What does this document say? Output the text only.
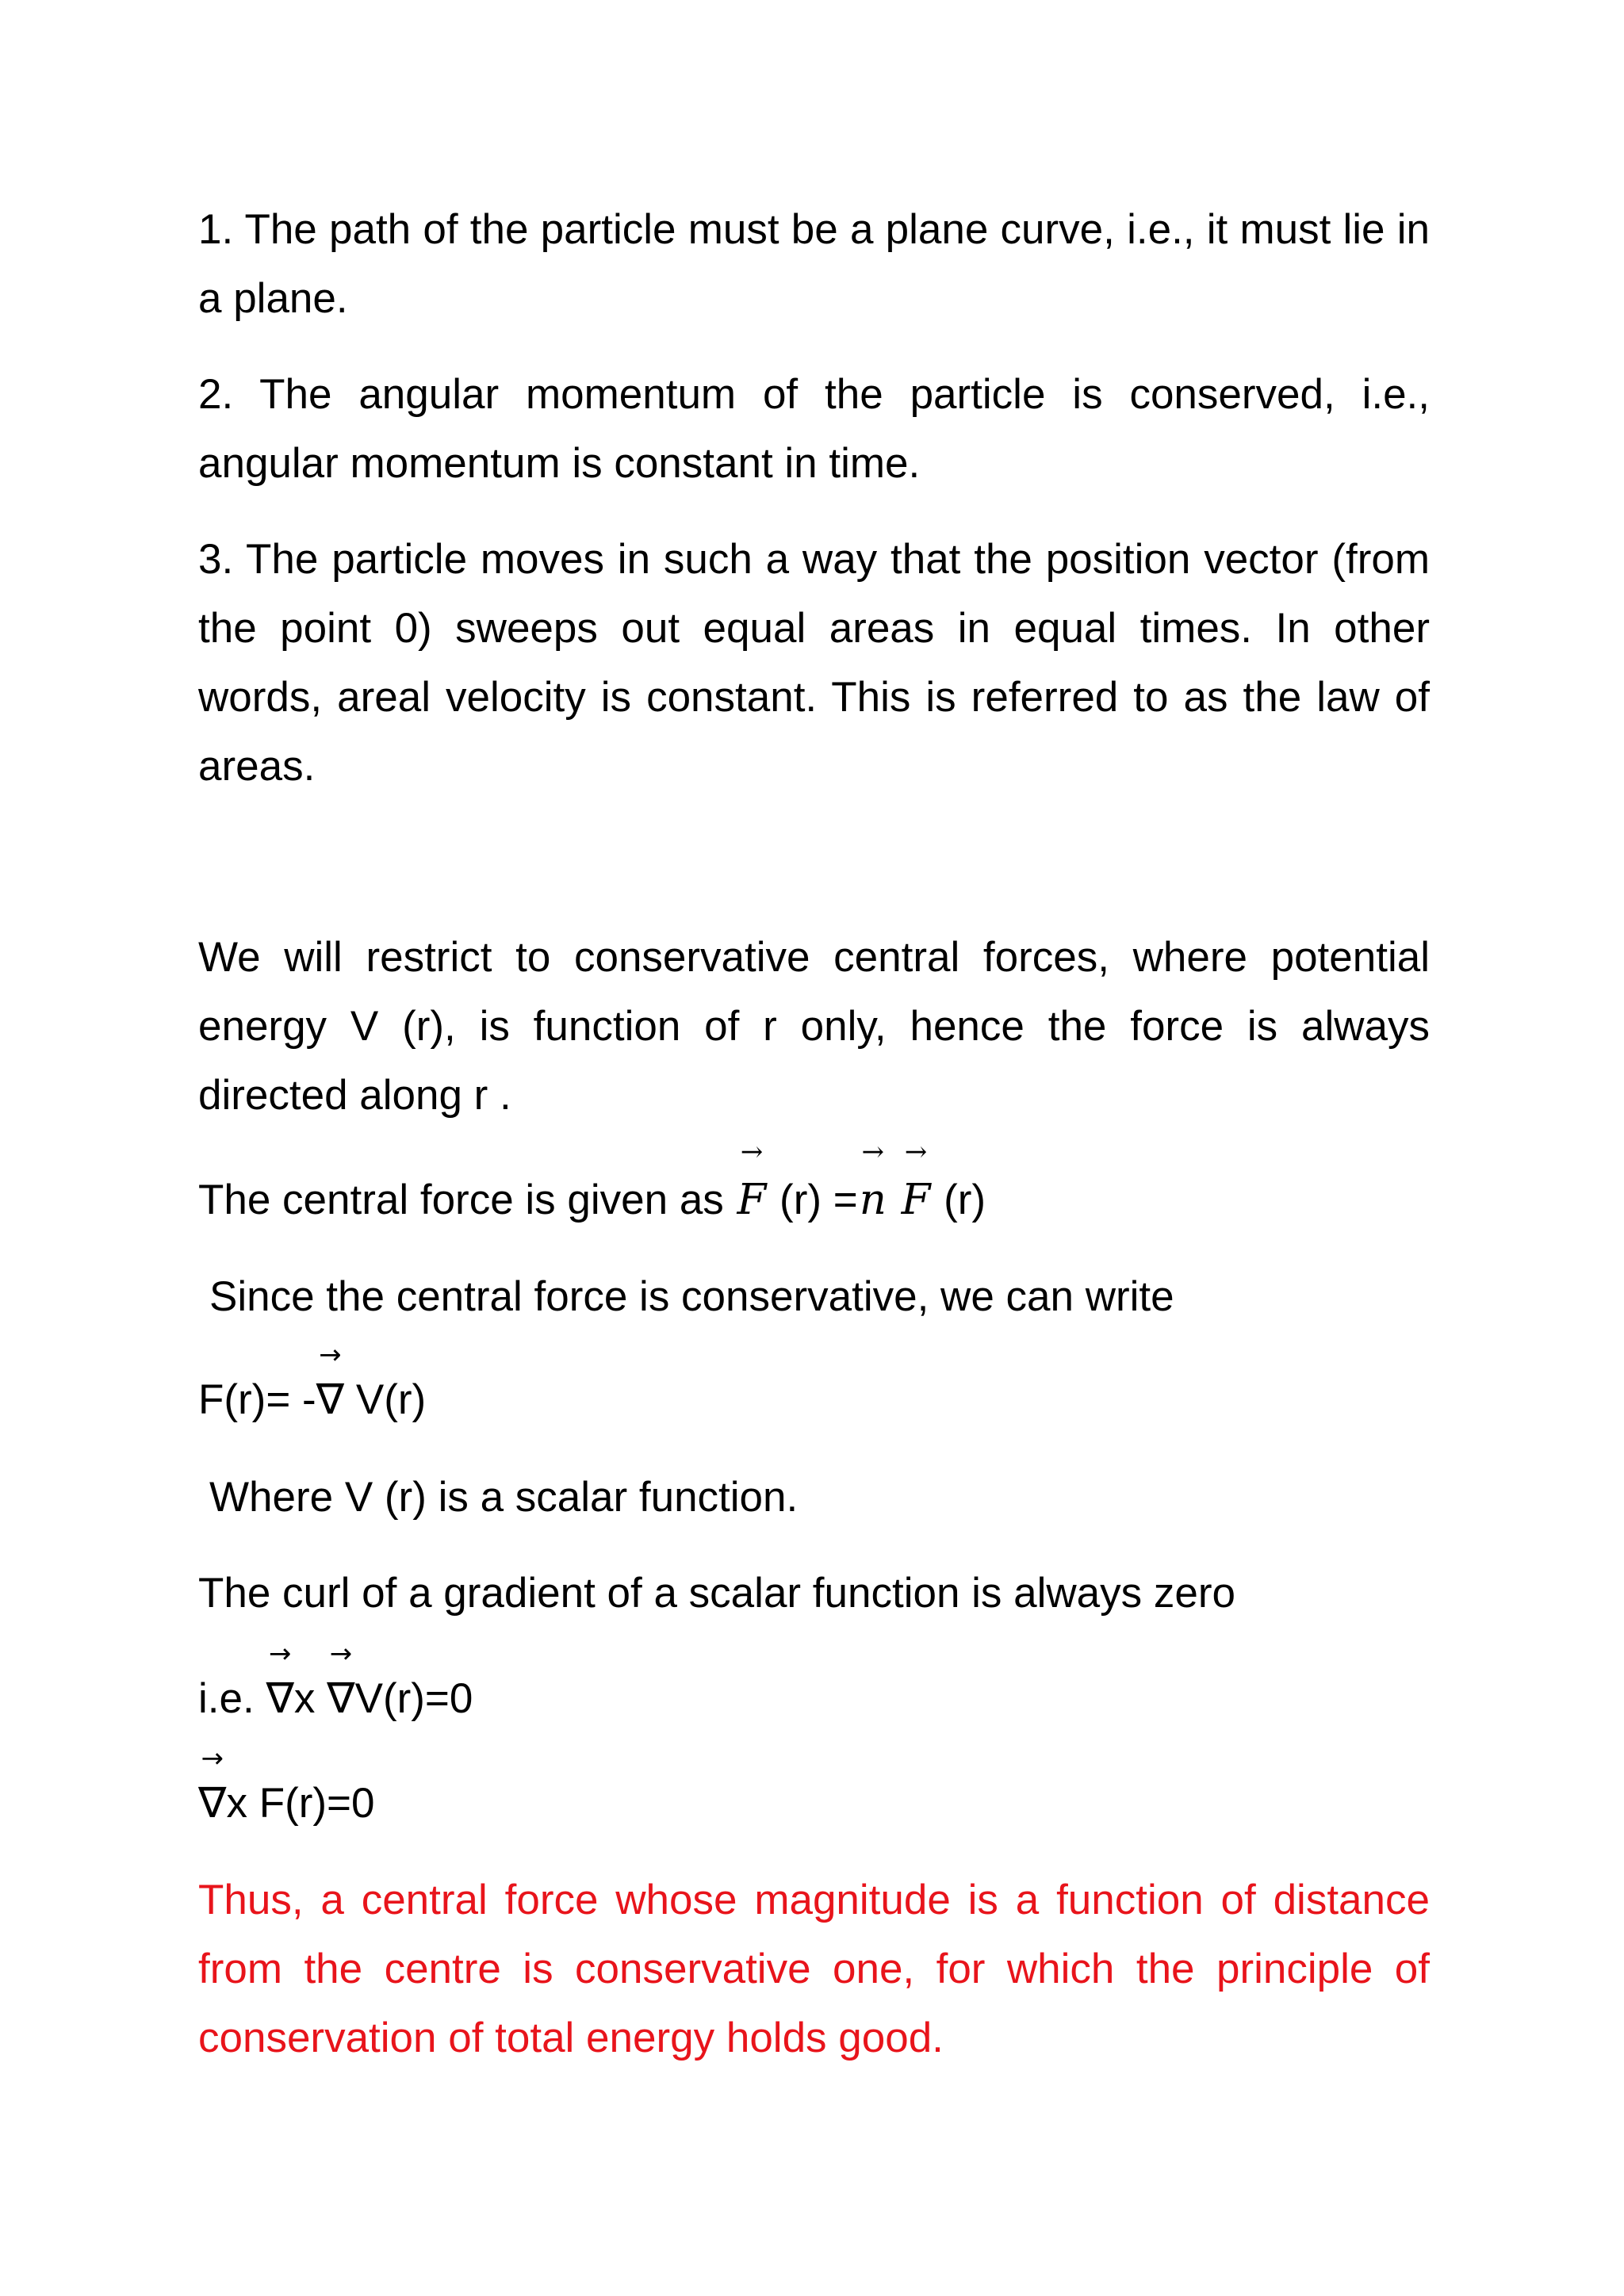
1. The path of the particle must be a plane curve, i.e., it must lie in a plane.

2. The angular momentum of the particle is conserved, i.e., angular momentum is constant in time.

3. The particle moves in such a way that the position vector (from the point 0) sweeps out equal areas in equal times. In other words, areal velocity is constant. This is referred to as the law of areas.

We will restrict to conservative central forces, where potential energy V (r), is function of r only, hence the force is always directed along r .

The central force is given as
→
F (r) =
→
n
→
F (r)

Since the central force is conservative, we can write

F(r)= -
→
∇ V(r)

Where V (r) is a scalar function.

The curl of a gradient of a scalar function is always zero

i.e.
→
∇x
→
∇V(r)=0

→
∇x F(r)=0

Thus, a central force whose magnitude is a function of distance from the centre is conservative one, for which the principle of conservation of total energy holds good.
